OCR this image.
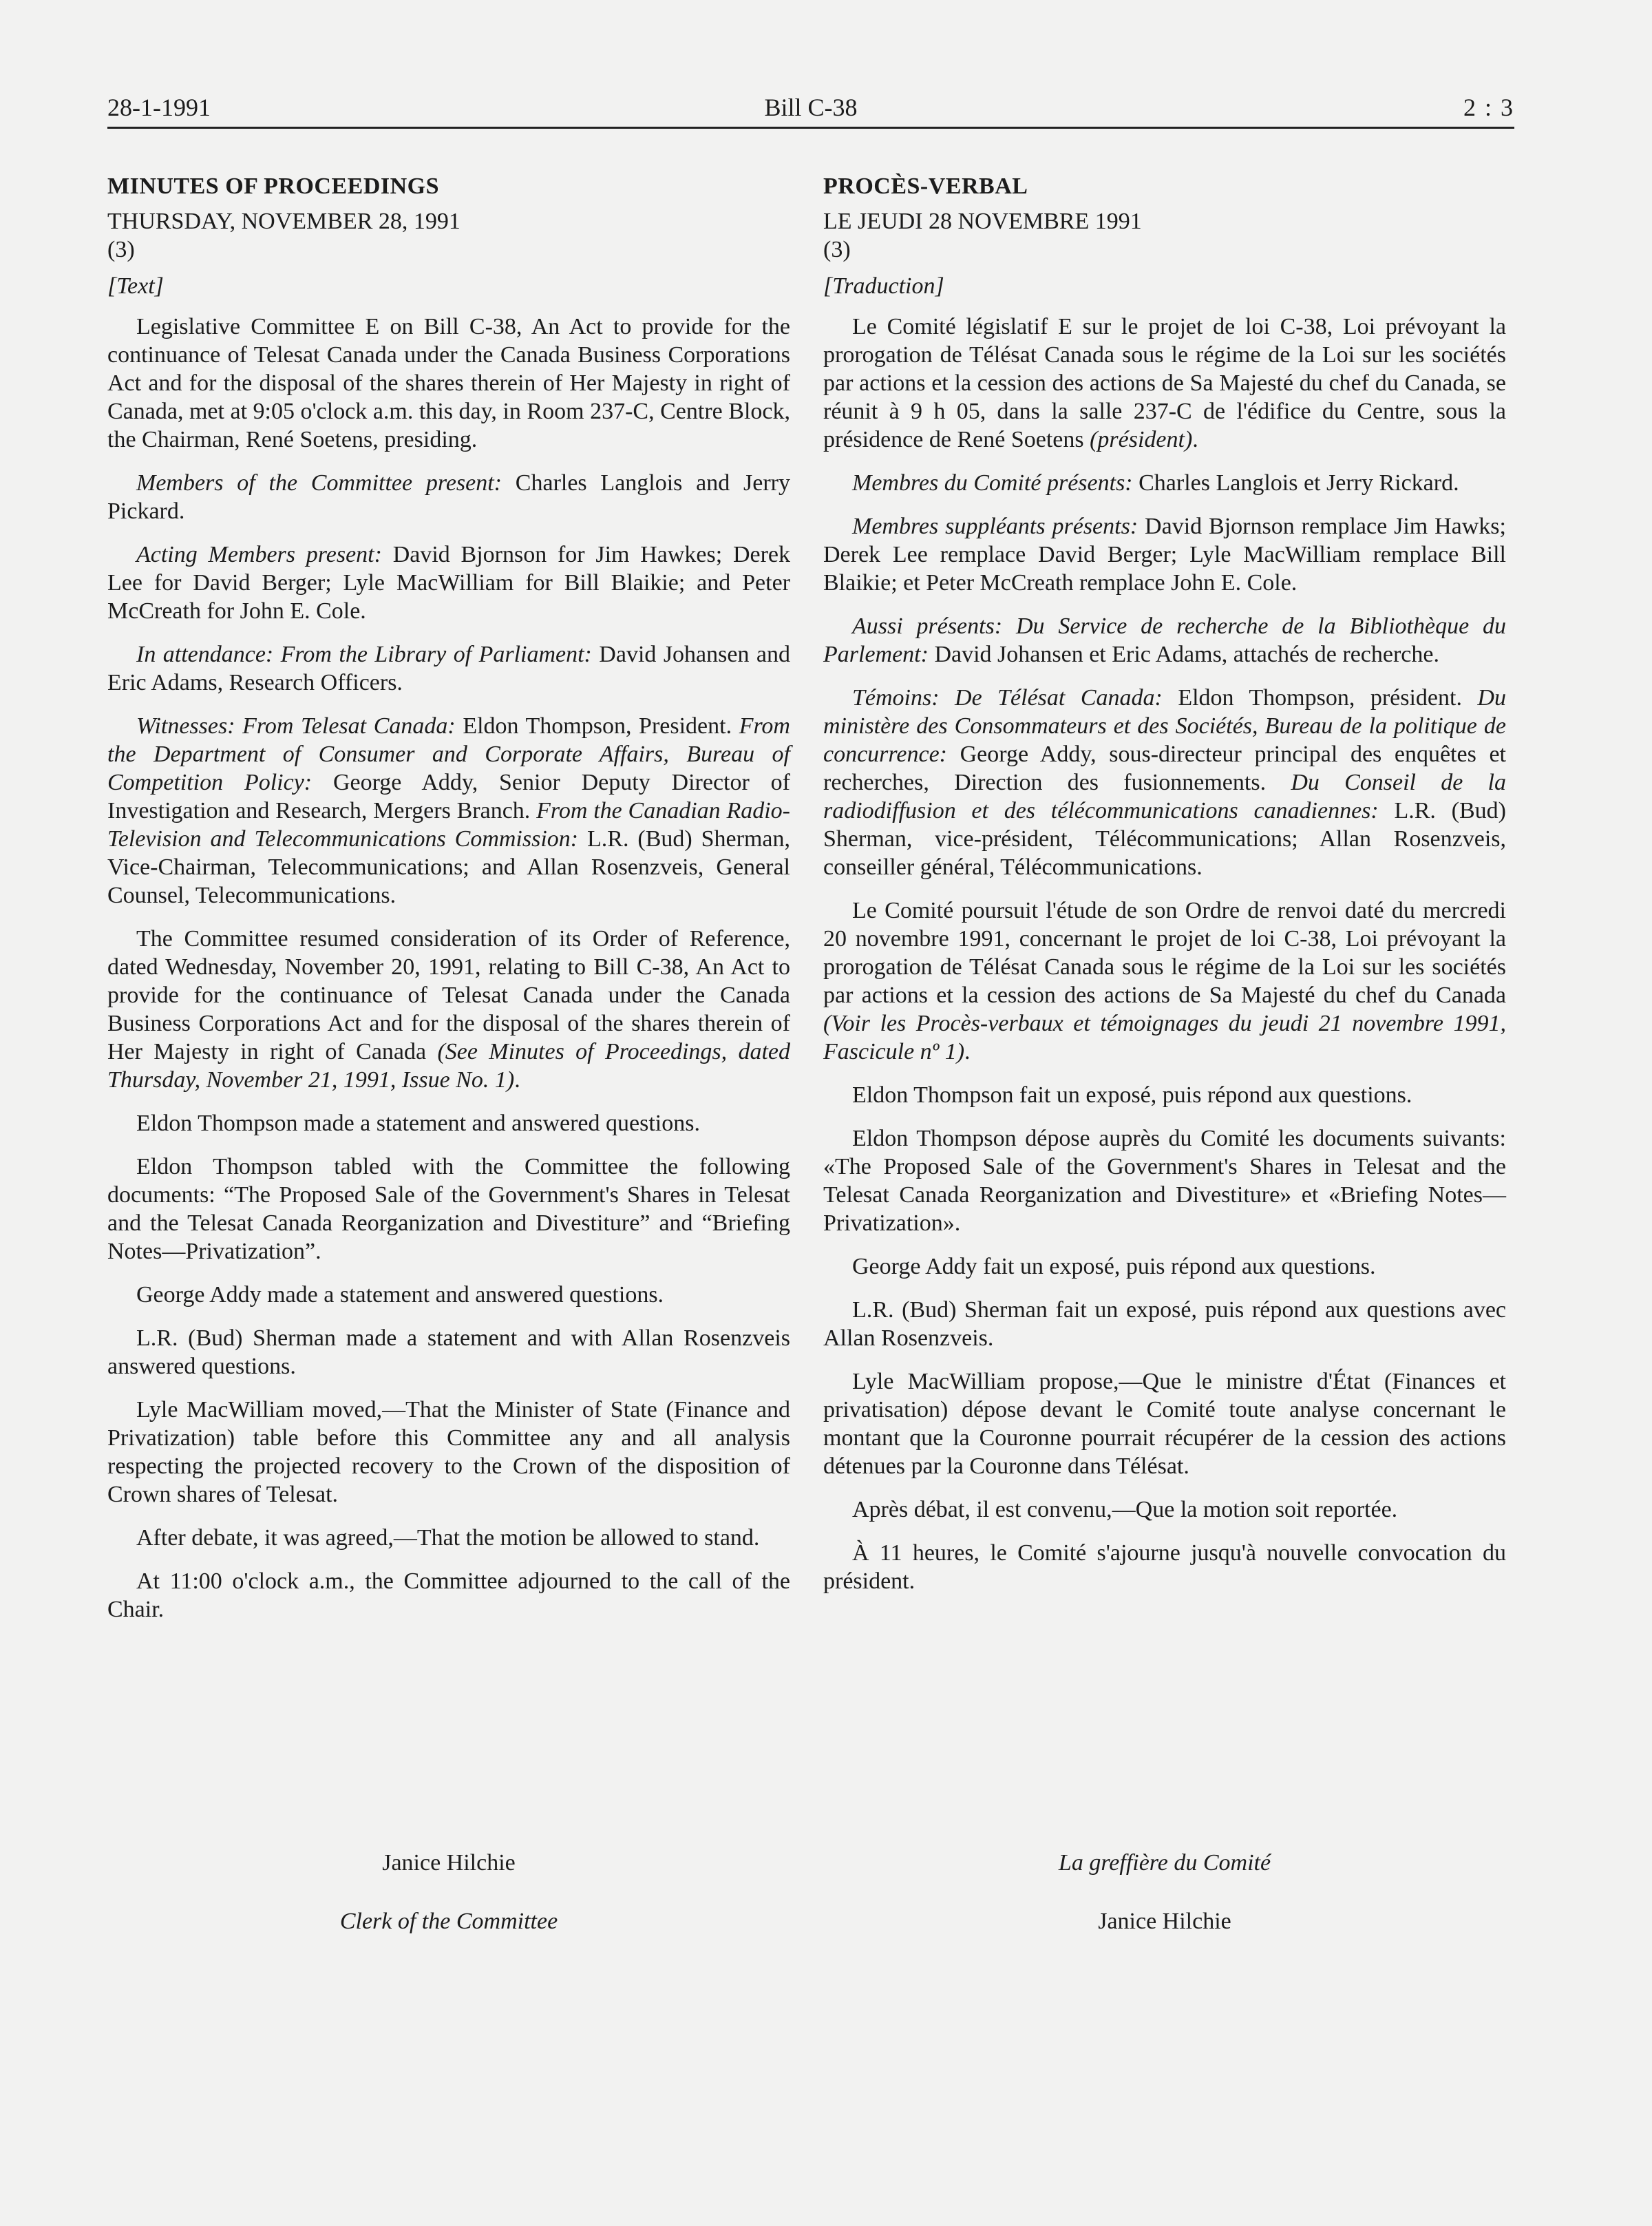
28-1-1991	Bill C-38	2 : 3
MINUTES OF PROCEEDINGS
THURSDAY, NOVEMBER 28, 1991
(3)
[Text]

Legislative Committee E on Bill C-38, An Act to provide for the continuance of Telesat Canada under the Canada Business Corporations Act and for the disposal of the shares therein of Her Majesty in right of Canada, met at 9:05 o'clock a.m. this day, in Room 237-C, Centre Block, the Chairman, René Soetens, presiding.

Members of the Committee present: Charles Langlois and Jerry Pickard.

Acting Members present: David Bjornson for Jim Hawkes; Derek Lee for David Berger; Lyle MacWilliam for Bill Blaikie; and Peter McCreath for John E. Cole.

In attendance: From the Library of Parliament: David Johansen and Eric Adams, Research Officers.

Witnesses: From Telesat Canada: Eldon Thompson, President. From the Department of Consumer and Corporate Affairs, Bureau of Competition Policy: George Addy, Senior Deputy Director of Investigation and Research, Mergers Branch. From the Canadian Radio-Television and Telecommunications Commission: L.R. (Bud) Sherman, Vice-Chairman, Telecommunications; and Allan Rosenzveis, General Counsel, Telecommunications.

The Committee resumed consideration of its Order of Reference, dated Wednesday, November 20, 1991, relating to Bill C-38, An Act to provide for the continuance of Telesat Canada under the Canada Business Corporations Act and for the disposal of the shares therein of Her Majesty in right of Canada (See Minutes of Proceedings, dated Thursday, November 21, 1991, Issue No. 1).

Eldon Thompson made a statement and answered questions.

Eldon Thompson tabled with the Committee the following documents: “The Proposed Sale of the Government's Shares in Telesat and the Telesat Canada Reorganization and Divestiture” and “Briefing Notes—Privatization”.

George Addy made a statement and answered questions.

L.R. (Bud) Sherman made a statement and with Allan Rosenzveis answered questions.

Lyle MacWilliam moved,—That the Minister of State (Finance and Privatization) table before this Committee any and all analysis respecting the projected recovery to the Crown of the disposition of Crown shares of Telesat.

After debate, it was agreed,—That the motion be allowed to stand.

At 11:00 o'clock a.m., the Committee adjourned to the call of the Chair.

PROCÈS-VERBAL
LE JEUDI 28 NOVEMBRE 1991
(3)
[Traduction]

Le Comité législatif E sur le projet de loi C-38, Loi prévoyant la prorogation de Télésat Canada sous le régime de la Loi sur les sociétés par actions et la cession des actions de Sa Majesté du chef du Canada, se réunit à 9 h 05, dans la salle 237-C de l'édifice du Centre, sous la présidence de René Soetens (président).

Membres du Comité présents: Charles Langlois et Jerry Rickard.

Membres suppléants présents: David Bjornson remplace Jim Hawks; Derek Lee remplace David Berger; Lyle MacWilliam remplace Bill Blaikie; et Peter McCreath remplace John E. Cole.

Aussi présents: Du Service de recherche de la Bibliothèque du Parlement: David Johansen et Eric Adams, attachés de recherche.

Témoins: De Télésat Canada: Eldon Thompson, président. Du ministère des Consommateurs et des Sociétés, Bureau de la politique de concurrence: George Addy, sous-directeur principal des enquêtes et recherches, Direction des fusionnements. Du Conseil de la radiodiffusion et des télécommunications canadiennes: L.R. (Bud) Sherman, vice-président, Télécommunications; Allan Rosenzveis, conseiller général, Télécommunications.

Le Comité poursuit l'étude de son Ordre de renvoi daté du mercredi 20 novembre 1991, concernant le projet de loi C-38, Loi prévoyant la prorogation de Télésat Canada sous le régime de la Loi sur les sociétés par actions et la cession des actions de Sa Majesté du chef du Canada (Voir les Procès-verbaux et témoignages du jeudi 21 novembre 1991, Fascicule nº 1).

Eldon Thompson fait un exposé, puis répond aux questions.

Eldon Thompson dépose auprès du Comité les documents suivants: «The Proposed Sale of the Government's Shares in Telesat and the Telesat Canada Reorganization and Divestiture» et «Briefing Notes—Privatization».

George Addy fait un exposé, puis répond aux questions.

L.R. (Bud) Sherman fait un exposé, puis répond aux questions avec Allan Rosenzveis.

Lyle MacWilliam propose,—Que le ministre d'État (Finances et privatisation) dépose devant le Comité toute analyse concernant le montant que la Couronne pourrait récupérer de la cession des actions détenues par la Couronne dans Télésat.

Après débat, il est convenu,—Que la motion soit reportée.

À 11 heures, le Comité s'ajourne jusqu'à nouvelle convocation du président.

Janice Hilchie
Clerk of the Committee
La greffière du Comité
Janice Hilchie
